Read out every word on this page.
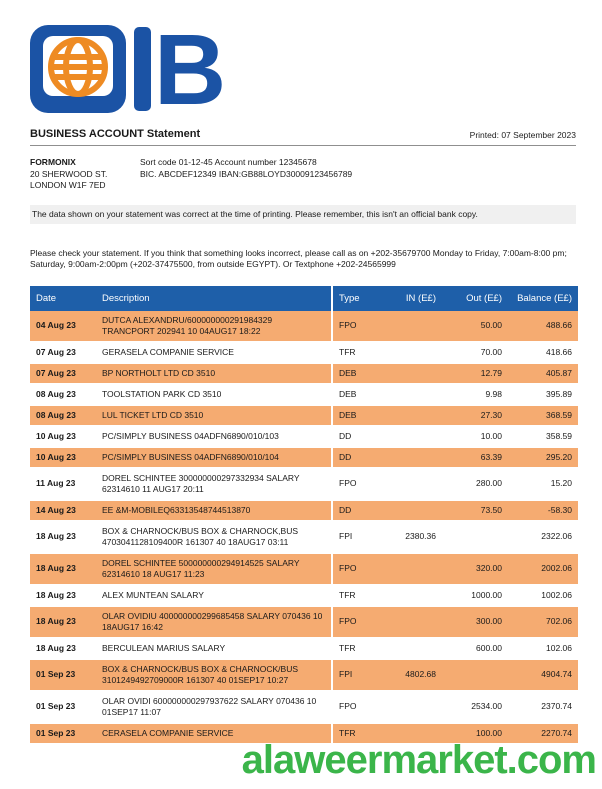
B
BUSINESS ACCOUNT Statement	Printed: 07 September 2023
FORMONIX
20 SHERWOOD ST.
LONDON W1F 7ED
Sort code 01-12-45 Account number 12345678
BIC. ABCDEF12349 IBAN:GB88LOYD30009123456789
The data shown on your statement was correct at the time of printing. Please remember, this isn't an official bank copy.
Please check your statement. If you think that something looks incorrect, please call as on +202-35679700 Monday to Friday, 7:00am-8:00 pm; Saturday, 9:00am-2:00pm (+202-37475500, from outside EGYPT). Or Textphone +202-24565999
Date	Description	Type	IN (E£)	Out (E£)	Balance (E£)
04 Aug 23	DUTCA ALEXANDRU/600000000291984329 TRANCPORT 202941 10 04AUG17 18:22	FPO		50.00	488.66
07 Aug 23	GERASELA COMPANIE SERVICE	TFR		70.00	418.66
07 Aug 23	BP NORTHOLT LTD CD 3510	DEB		12.79	405.87
08 Aug 23	TOOLSTATION PARK CD 3510	DEB		9.98	395.89
08 Aug 23	LUL TICKET LTD CD 3510	DEB		27.30	368.59
10 Aug 23	PC/SIMPLY BUSINESS 04ADFN6890/010/103	DD		10.00	358.59
10 Aug 23	PC/SIMPLY BUSINESS 04ADFN6890/010/104	DD		63.39	295.20
11 Aug 23	DOREL SCHINTEE 300000000297332934 SALARY 62314610 11 AUG17 20:11	FPO		280.00	15.20
14 Aug 23	EE &M-MOBILEQ63313548744513870	DD		73.50	-58.30
18 Aug 23	BOX & CHARNOCK/BUS BOX & CHARNOCK,BUS 4703041128109400R 161307 40 18AUG17 03:11	FPI	2380.36		2322.06
18 Aug 23	DOREL SCHINTEE 500000000294914525 SALARY 62314610 18 AUG17 11:23	FPO		320.00	2002.06
18 Aug 23	ALEX MUNTEAN SALARY	TFR		1000.00	1002.06
18 Aug 23	OLAR OVIDIU 400000000299685458 SALARY 070436 10 18AUG17 16:42	FPO		300.00	702.06
18 Aug 23	BERCULEAN MARIUS SALARY	TFR		600.00	102.06
01 Sep 23	BOX & CHARNOCK/BUS BOX & CHARNOCK/BUS 3101249492709000R 161307 40 01SEP17 10:27	FPI	4802.68		4904.74
01 Sep 23	OLAR OVIDI 600000000297937622 SALARY 070436 10 01SEP17 11:07	FPO		2534.00	2370.74
01 Sep 23	CERASELA COMPANIE SERVICE	TFR		100.00	2270.74
alaweermarket.com
